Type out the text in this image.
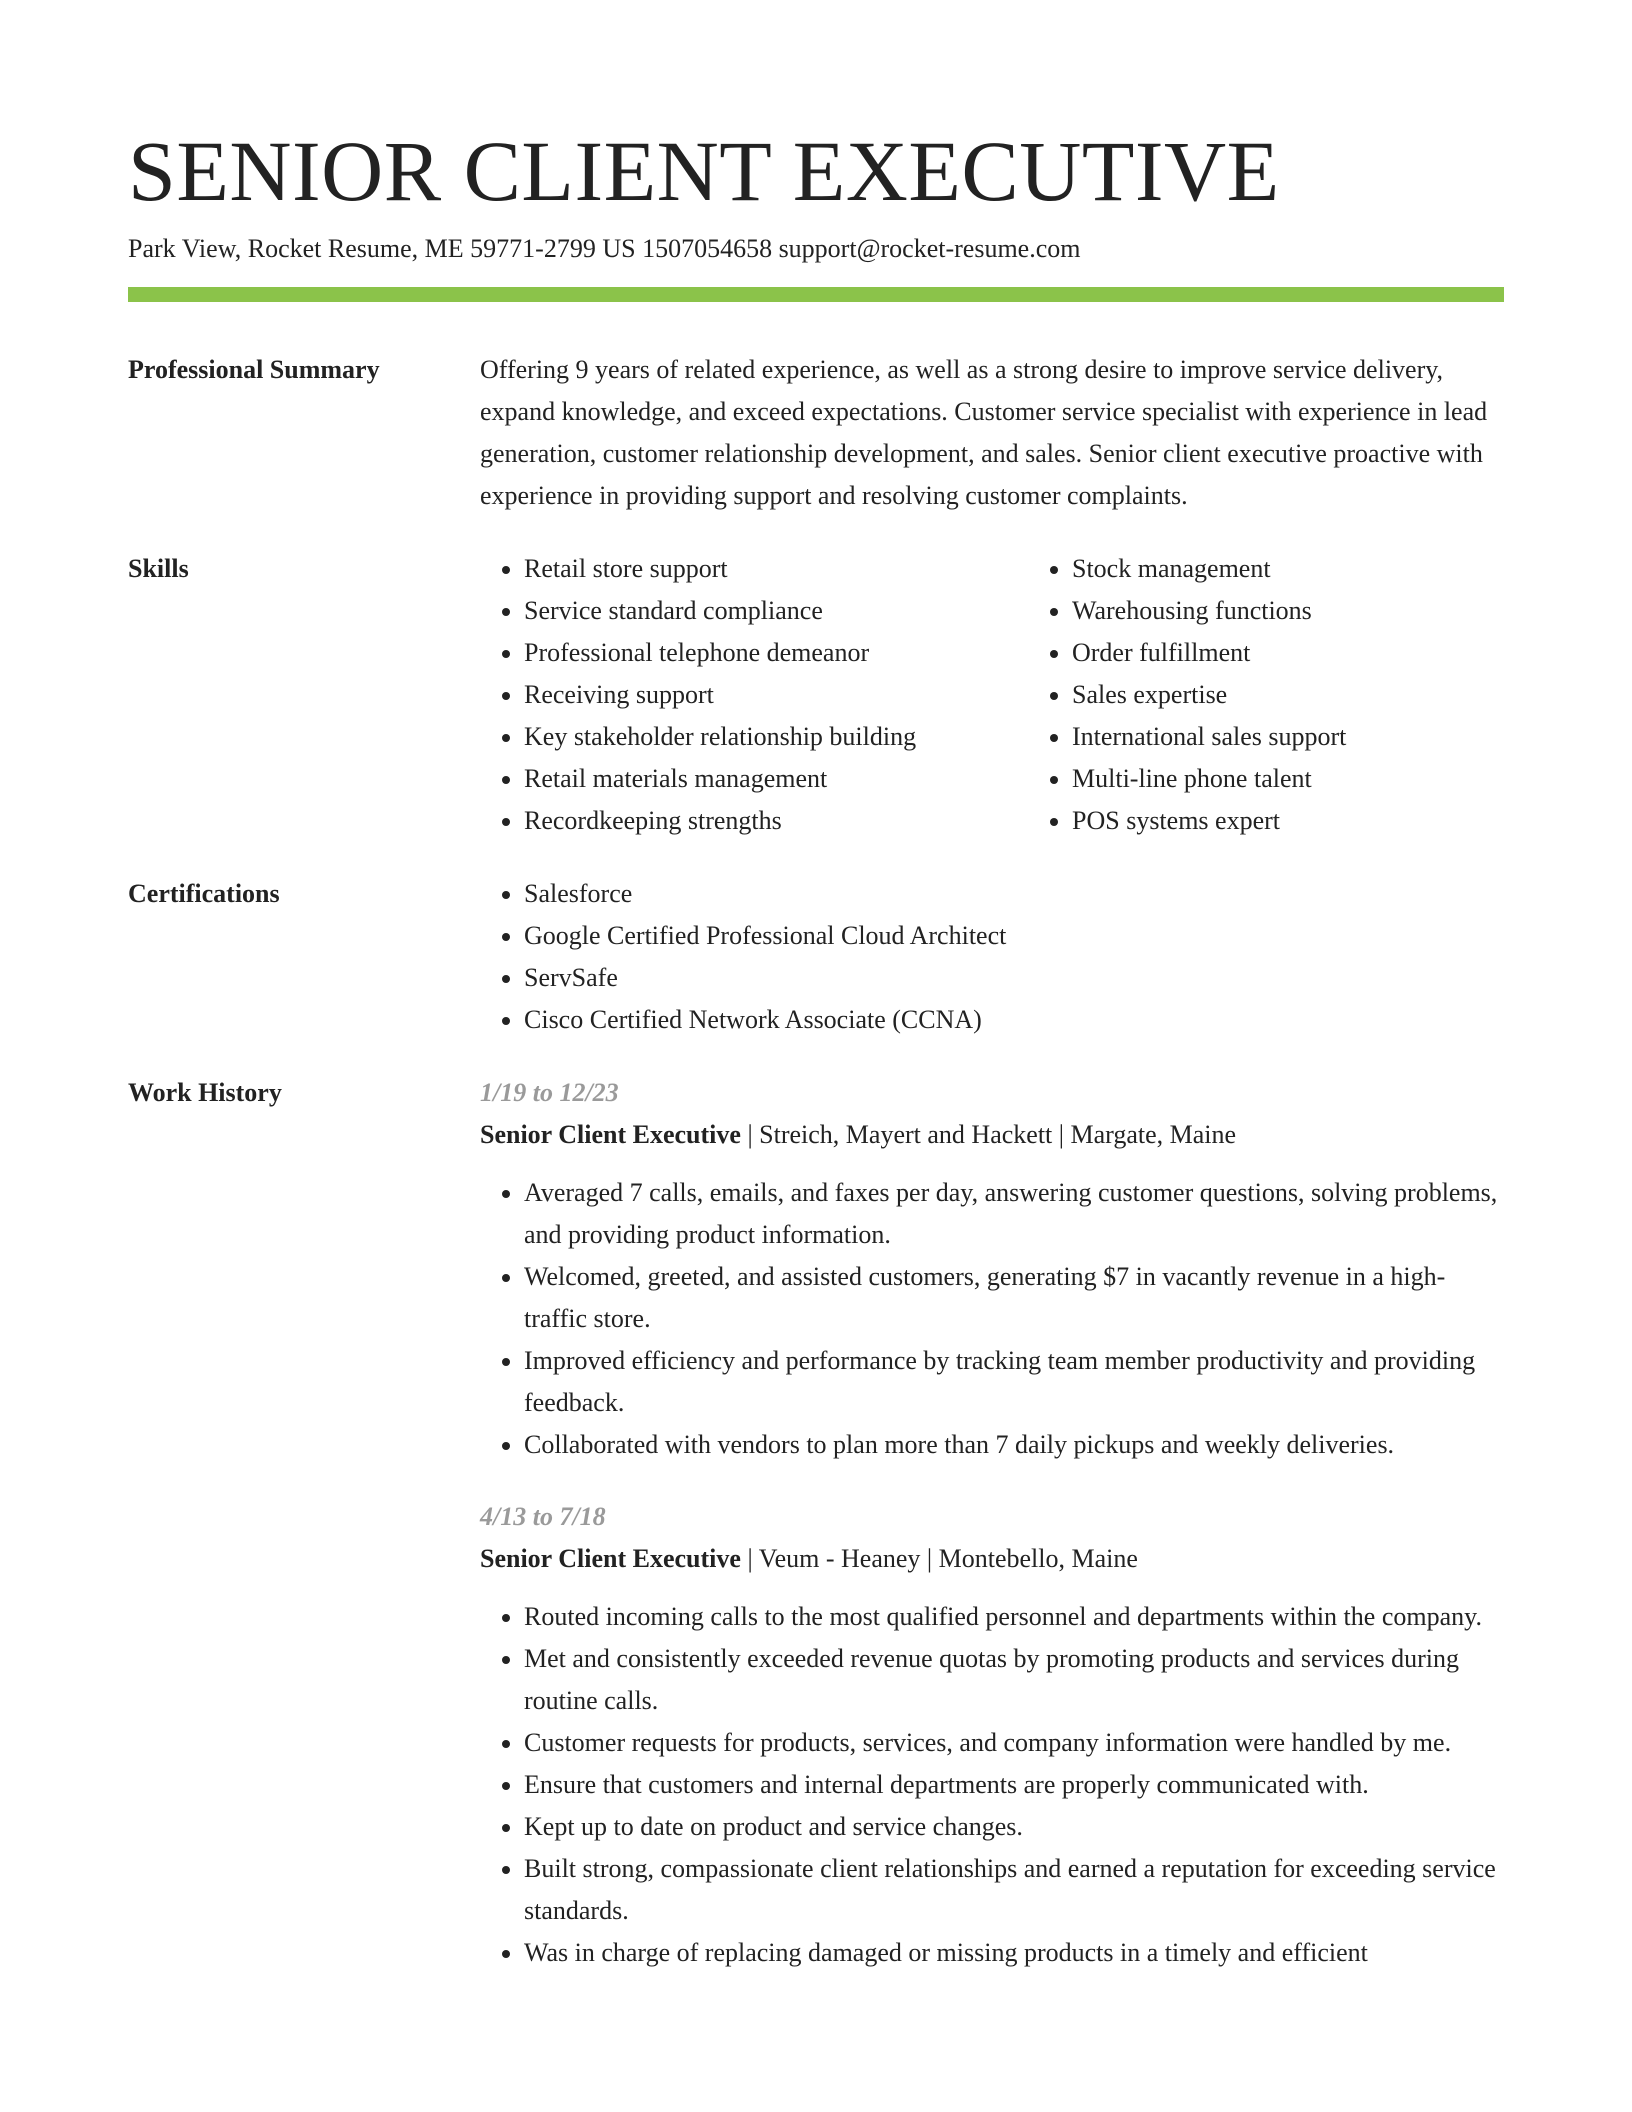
SENIOR CLIENT EXECUTIVE
Park View, Rocket Resume, ME 59771-2799 US 1507054658 support@rocket-resume.com
Professional Summary	Offering 9 years of related experience, as well as a strong desire to improve service delivery, expand knowledge, and exceed expectations. Customer service specialist with experience in lead generation, customer relationship development, and sales. Senior client executive proactive with experience in providing support and resolving customer complaints.

Skills	• Retail store support
• Service standard compliance
• Professional telephone demeanor
• Receiving support
• Key stakeholder relationship building
• Retail materials management
• Recordkeeping strengths
• Stock management
• Warehousing functions
• Order fulfillment
• Sales expertise
• International sales support
• Multi-line phone talent
• POS systems expert
Certifications	• Salesforce
• Google Certified Professional Cloud Architect
• ServSafe
• Cisco Certified Network Associate (CCNA)
Work History	1/19 to 12/23

Senior Client Executive | Streich, Mayert and Hackett | Margate, Maine

• Averaged 7 calls, emails, and faxes per day, answering customer questions, solving problems, and providing product information.
• Welcomed, greeted, and assisted customers, generating $7 in vacantly revenue in a high-traffic store.
• Improved efficiency and performance by tracking team member productivity and providing feedback.
• Collaborated with vendors to plan more than 7 daily pickups and weekly deliveries.
4/13 to 7/18

Senior Client Executive | Veum - Heaney | Montebello, Maine

• Routed incoming calls to the most qualified personnel and departments within the company.
• Met and consistently exceeded revenue quotas by promoting products and services during routine calls.
• Customer requests for products, services, and company information were handled by me.
• Ensure that customers and internal departments are properly communicated with.
• Kept up to date on product and service changes.
• Built strong, compassionate client relationships and earned a reputation for exceeding service standards.
• Was in charge of replacing damaged or missing products in a timely and efficient
